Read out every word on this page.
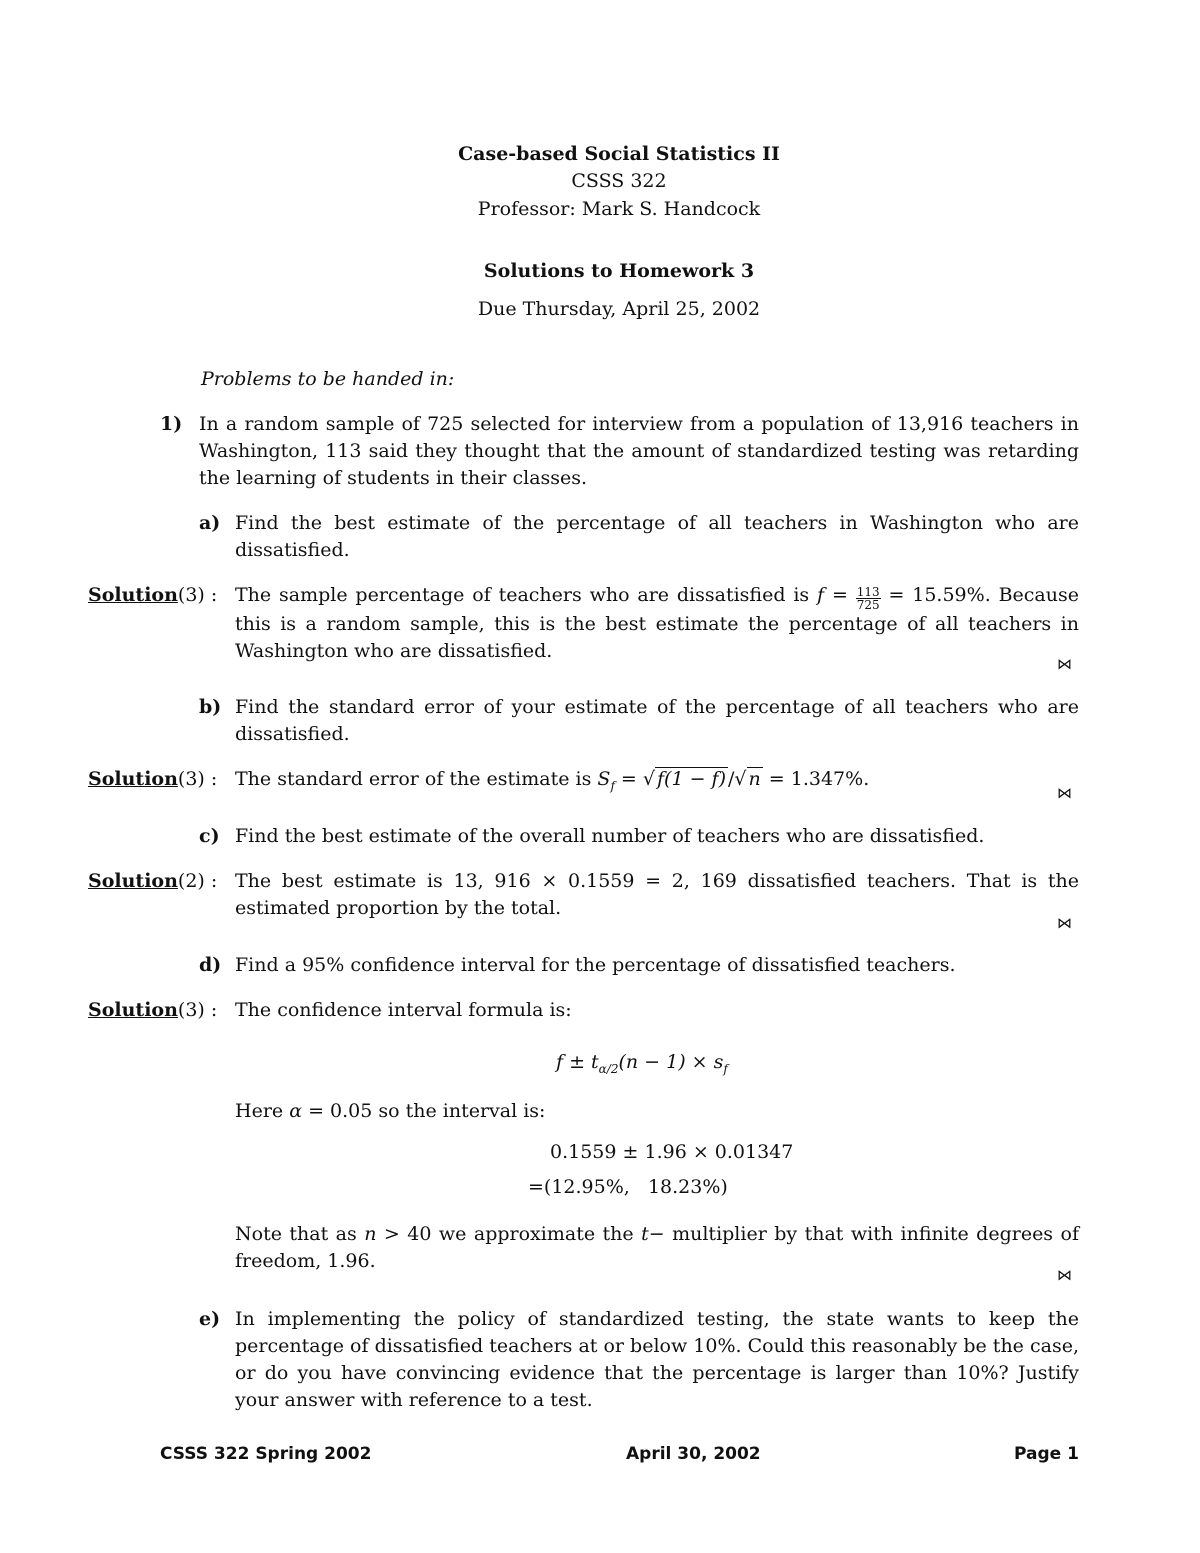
Case-based Social Statistics II
CSSS 322
Professor: Mark S. Handcock
Solutions to Homework 3
Due Thursday, April 25, 2002
Problems to be handed in:
1) In a random sample of 725 selected for interview from a population of 13,916 teachers in Washington, 113 said they thought that the amount of standardized testing was retarding the learning of students in their classes.
a) Find the best estimate of the percentage of all teachers in Washington who are dissatisfied.
Solution(3) : The sample percentage of teachers who are dissatisfied is $f = \frac{113}{725} = 15.59\%$. Because this is a random sample, this is the best estimate the percentage of all teachers in Washington who are dissatisfied.
⋈
b) Find the standard error of your estimate of the percentage of all teachers who are dissatisfied.
Solution(3) : The standard error of the estimate is $S_f$ = √ f(1 − f) /√ n = 1.347%.
⋈
c) Find the best estimate of the overall number of teachers who are dissatisfied.
Solution(2) : The best estimate is 13, 916 × 0.1559 = 2, 169 dissatisfied teachers. That is the estimated proportion by the total.
⋈
d) Find a 95% confidence interval for the percentage of dissatisfied teachers.
Solution(3) : The confidence interval formula is:
$f \pm t_{\alpha/2}(n - 1) \times s_f$
Here α = 0.05 so the interval is:
0.1559 ± 1.96 × 0.01347
=(12.95%,   18.23%)
Note that as n > 40 we approximate the t− multiplier by that with infinite degrees of freedom, 1.96.
⋈
e) In implementing the policy of standardized testing, the state wants to keep the percentage of dissatisfied teachers at or below 10%. Could this reasonably be the case, or do you have convincing evidence that the percentage is larger than 10%? Justify your answer with reference to a test.
CSSS 322 Spring 2002	April 30, 2002	Page 1
